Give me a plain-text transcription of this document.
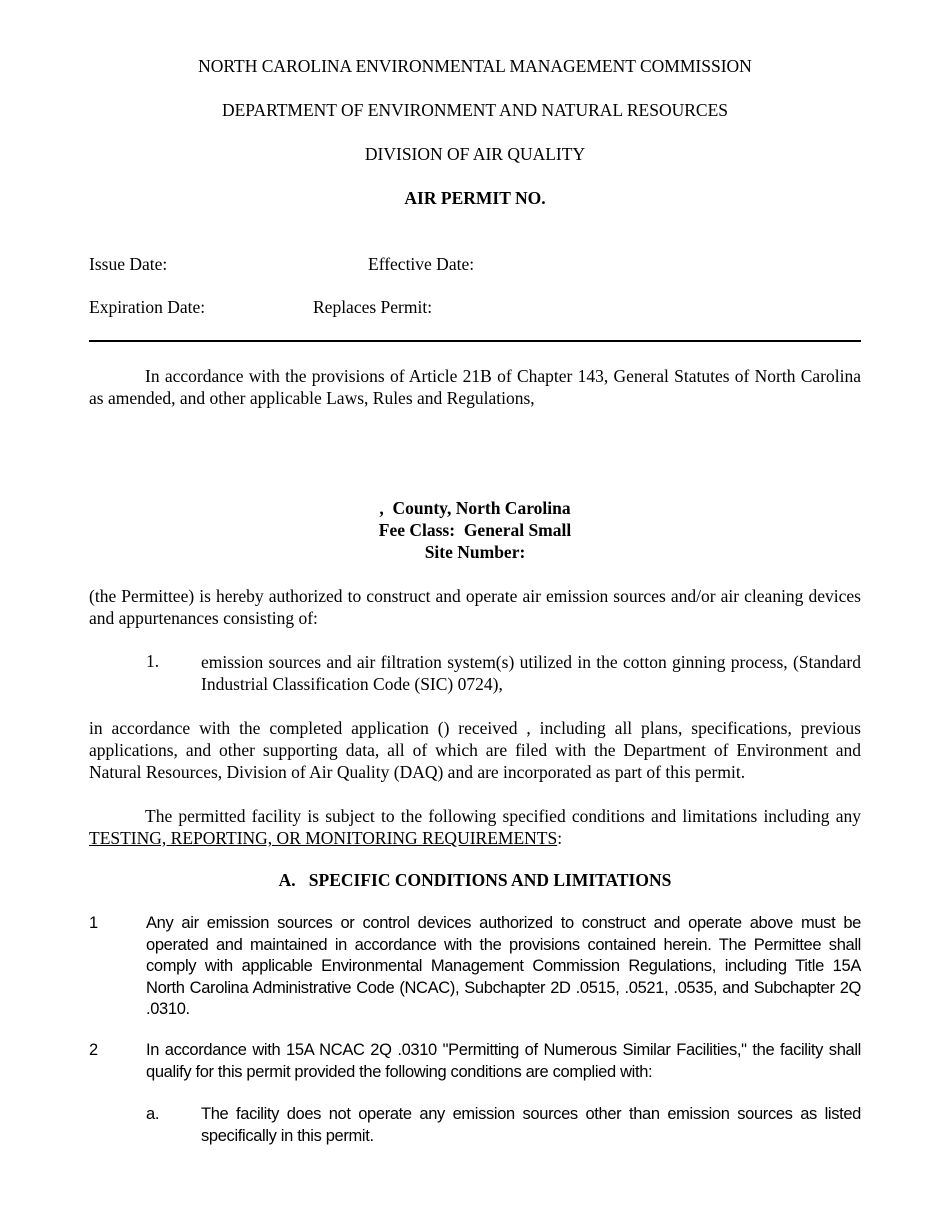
NORTH CAROLINA ENVIRONMENTAL MANAGEMENT COMMISSION
DEPARTMENT OF ENVIRONMENT AND NATURAL RESOURCES
DIVISION OF AIR QUALITY
AIR PERMIT NO.
Issue Date:	Effective Date:
Expiration Date:	Replaces Permit:
In accordance with the provisions of Article 21B of Chapter 143, General Statutes of North Carolina as amended, and other applicable Laws, Rules and Regulations,
,  County, North Carolina
Fee Class:  General Small
Site Number:
(the Permittee) is hereby authorized to construct and operate air emission sources and/or air cleaning devices and appurtenances consisting of:
1. emission sources and air filtration system(s) utilized in the cotton ginning process, (Standard Industrial Classification Code (SIC) 0724),
in accordance with the completed application () received , including all plans, specifications, previous applications, and other supporting data, all of which are filed with the Department of Environment and Natural Resources, Division of Air Quality (DAQ) and are incorporated as part of this permit.
The permitted facility is subject to the following specified conditions and limitations including any TESTING, REPORTING, OR MONITORING REQUIREMENTS:
A.   SPECIFIC CONDITIONS AND LIMITATIONS
1	Any air emission sources or control devices authorized to construct and operate above must be operated and maintained in accordance with the provisions contained herein. The Permittee shall comply with applicable Environmental Management Commission Regulations, including Title 15A North Carolina Administrative Code (NCAC), Subchapter 2D .0515, .0521, .0535, and Subchapter 2Q .0310.
2	In accordance with 15A NCAC 2Q .0310 "Permitting of Numerous Similar Facilities," the facility shall qualify for this permit provided the following conditions are complied with:
a.	The facility does not operate any emission sources other than emission sources as listed specifically in this permit.
